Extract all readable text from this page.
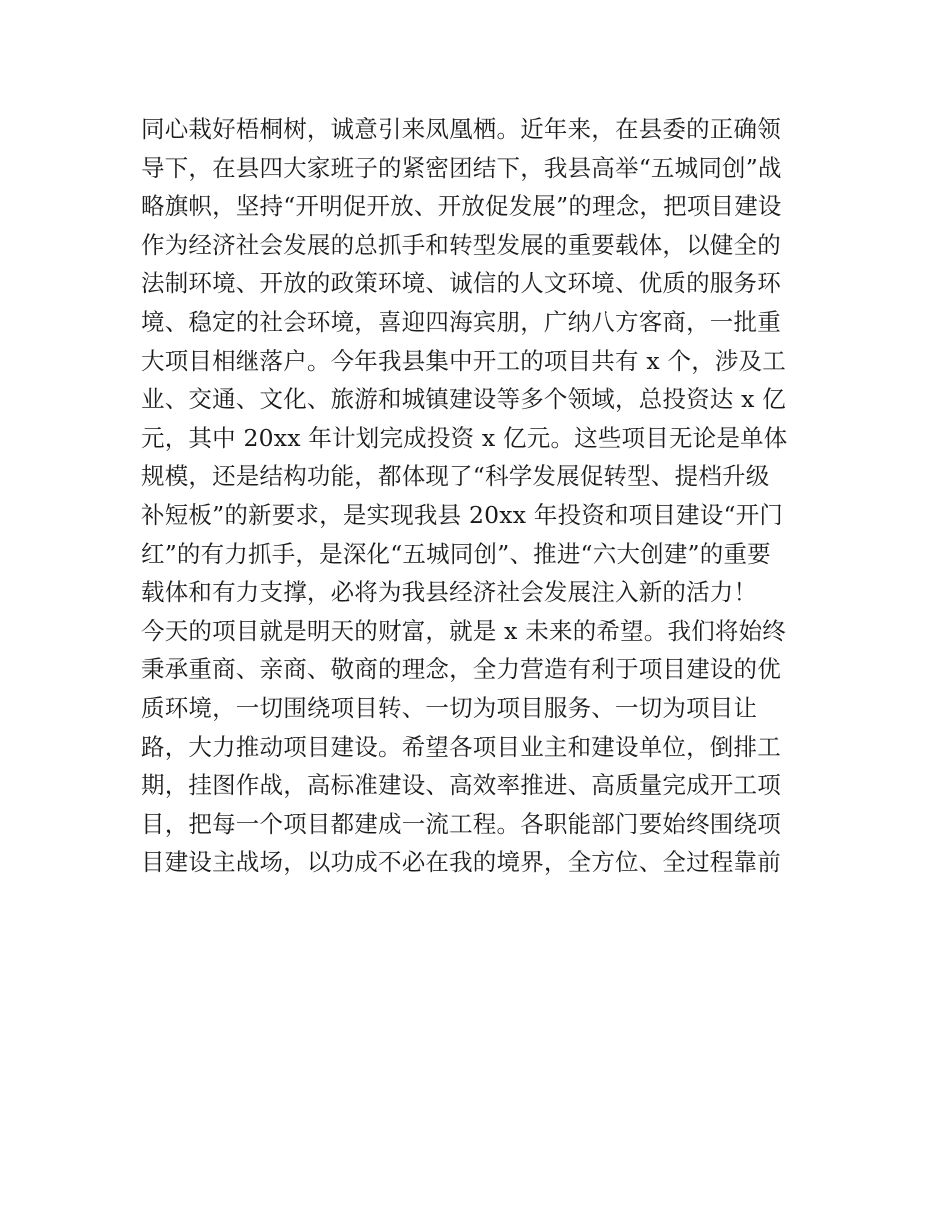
同心栽好梧桐树，诚意引来凤凰栖。近年来，在县委的正确领
导下，在县四大家班子的紧密团结下，我县高举“五城同创”战
略旗帜，坚持“开明促开放、开放促发展”的理念，把项目建设
作为经济社会发展的总抓手和转型发展的重要载体，以健全的
法制环境、开放的政策环境、诚信的人文环境、优质的服务环
境、稳定的社会环境，喜迎四海宾朋，广纳八方客商，一批重
大项目相继落户。今年我县集中开工的项目共有 x 个，涉及工
业、交通、文化、旅游和城镇建设等多个领域，总投资达 x 亿
元，其中 20xx 年计划完成投资 x 亿元。这些项目无论是单体
规模，还是结构功能，都体现了“科学发展促转型、提档升级
补短板”的新要求，是实现我县 20xx 年投资和项目建设“开门
红”的有力抓手，是深化“五城同创”、推进“六大创建”的重要
载体和有力支撑，必将为我县经济社会发展注入新的活力！
今天的项目就是明天的财富，就是 x 未来的希望。我们将始终
秉承重商、亲商、敬商的理念，全力营造有利于项目建设的优
质环境，一切围绕项目转、一切为项目服务、一切为项目让
路，大力推动项目建设。希望各项目业主和建设单位，倒排工
期，挂图作战，高标准建设、高效率推进、高质量完成开工项
目，把每一个项目都建成一流工程。各职能部门要始终围绕项
目建设主战场，以功成不必在我的境界，全方位、全过程靠前
